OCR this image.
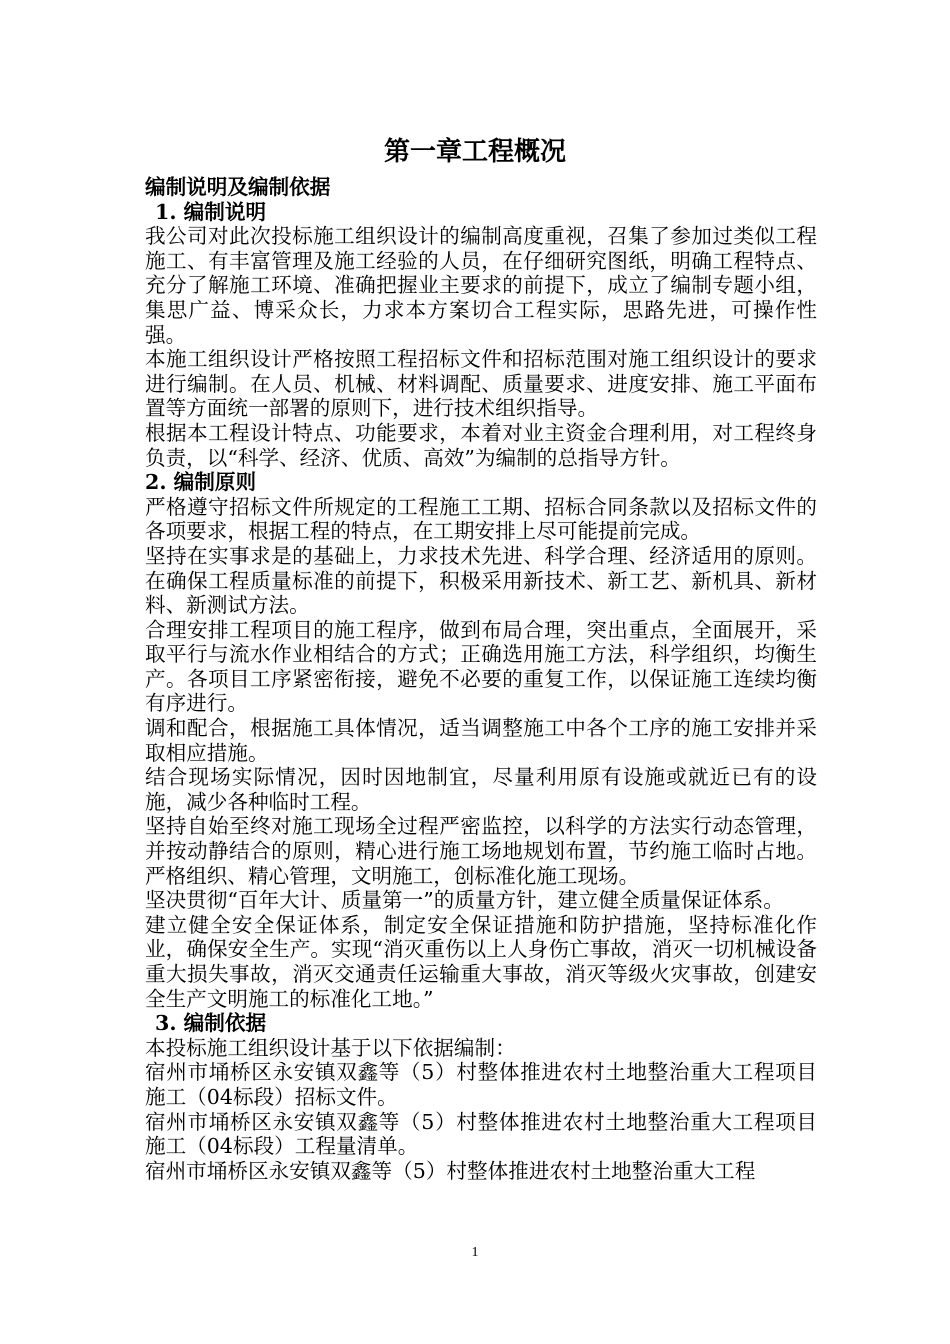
第一章工程概况

编制说明及编制依据

1. 编制说明

我公司对此次投标施工组织设计的编制高度重视，召集了参加过类似工程施工、有丰富管理及施工经验的人员，在仔细研究图纸，明确工程特点、充分了解施工环境、准确把握业主要求的前提下，成立了编制专题小组，集思广益、博采众长，力求本方案切合工程实际，思路先进，可操作性强。

本施工组织设计严格按照工程招标文件和招标范围对施工组织设计的要求进行编制。在人员、机械、材料调配、质量要求、进度安排、施工平面布置等方面统一部署的原则下，进行技术组织指导。

根据本工程设计特点、功能要求，本着对业主资金合理利用，对工程终身负责，以“科学、经济、优质、高效”为编制的总指导方针。

2. 编制原则

严格遵守招标文件所规定的工程施工工期、招标合同条款以及招标文件的各项要求，根据工程的特点，在工期安排上尽可能提前完成。

坚持在实事求是的基础上，力求技术先进、科学合理、经济适用的原则。在确保工程质量标准的前提下，积极采用新技术、新工艺、新机具、新材料、新测试方法。

合理安排工程项目的施工程序，做到布局合理，突出重点，全面展开，采取平行与流水作业相结合的方式；正确选用施工方法，科学组织，均衡生产。各项目工序紧密衔接，避免不必要的重复工作，以保证施工连续均衡有序进行。

调和配合，根据施工具体情况，适当调整施工中各个工序的施工安排并采取相应措施。

结合现场实际情况，因时因地制宜，尽量利用原有设施或就近已有的设施，减少各种临时工程。

坚持自始至终对施工现场全过程严密监控，以科学的方法实行动态管理，并按动静结合的原则，精心进行施工场地规划布置，节约施工临时占地。严格组织、精心管理，文明施工，创标准化施工现场。

坚决贯彻“百年大计、质量第一”的质量方针，建立健全质量保证体系。

建立健全安全保证体系，制定安全保证措施和防护措施，坚持标准化作业，确保安全生产。实现“消灭重伤以上人身伤亡事故，消灭一切机械设备重大损失事故，消灭交通责任运输重大事故，消灭等级火灾事故，创建安全生产文明施工的标准化工地。”

3. 编制依据

本投标施工组织设计基于以下依据编制：

宿州市埇桥区永安镇双鑫等（5）村整体推进农村土地整治重大工程项目施工（04标段）招标文件。

宿州市埇桥区永安镇双鑫等（5）村整体推进农村土地整治重大工程项目施工（04标段）工程量清单。

宿州市埇桥区永安镇双鑫等（5）村整体推进农村土地整治重大工程

1
